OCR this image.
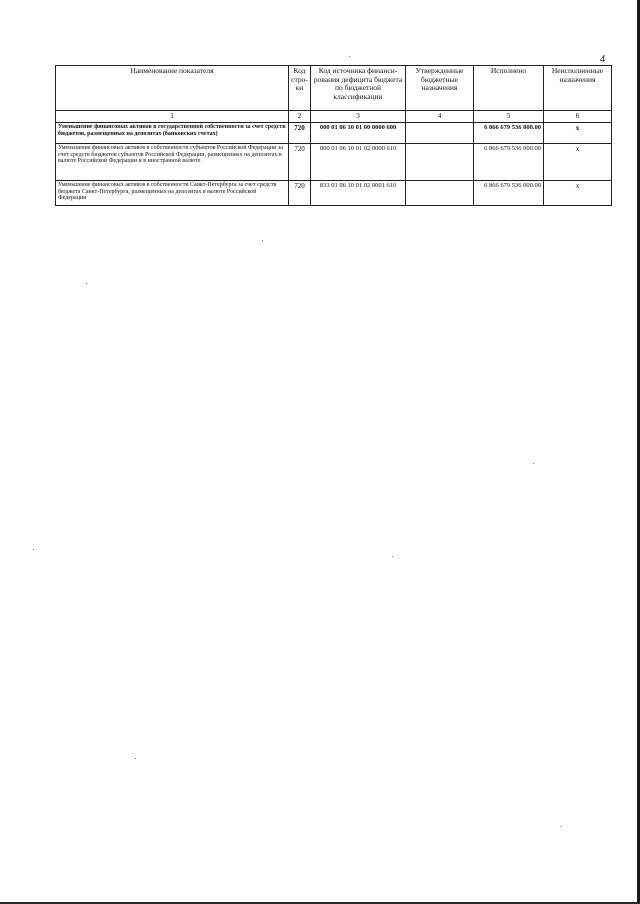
4
Наименование показателя	Код стро-ки	Код источника финанси-рования дефицита бюджета по бюджетной классификации	Утвержденные бюджетные назначения	Исполнено	Неисполненные назначения
1	2	3	4	5	6
Уменьшение финансовых активов в государственной собственности за счет средств бюджетов, размещенных на депозитах (банковских счетах)	720	000 01 06 10 01 00 0000 600		6 866 679 536 000.00	x
Уменьшение финансовых активов в собственности субъектов Российской Федерации за счет средств бюджетов субъектов Российской Федерации, размещенных на депозитах в валюте Российской Федерации и в иностранной валюте	720	000 01 06 10 01 02 0000 610		6 866 679 536 000.00	x
Уменьшение финансовых активов в собственности Санкт-Петербурга за счет средств бюджета Санкт-Петербурга, размещенных на депозитах в валюте Российской Федерации	720	833 01 06 10 01 02 0001 610		6 866 679 536 000.00	x
